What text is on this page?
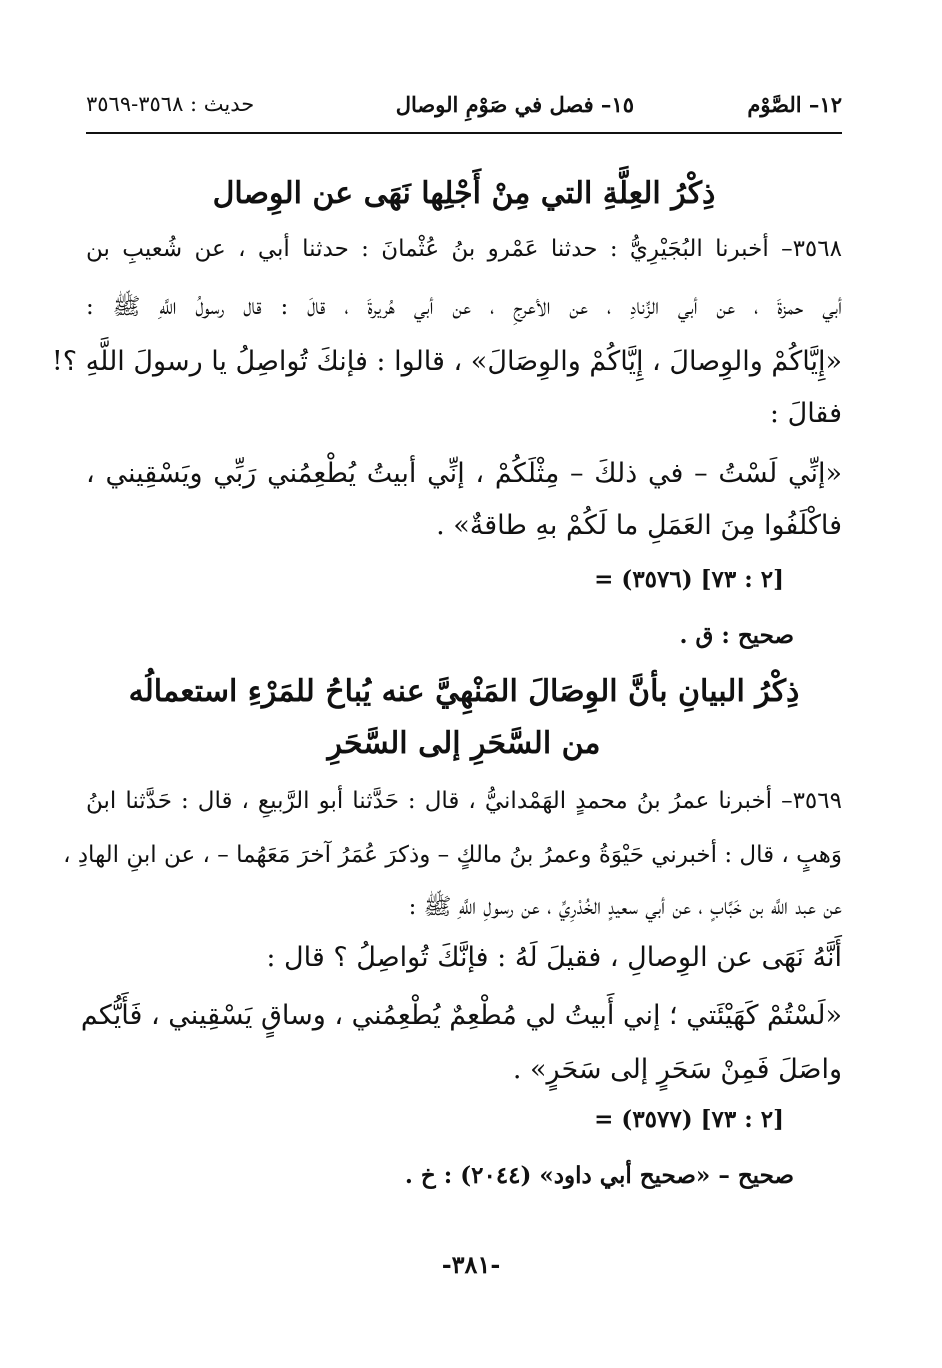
١٢– الصَّوْم
١٥– فصل في صَوْمِ الوصال
حديث : ٣٥٦٨-٣٥٦٩
ذِكْرُ العِلَّةِ التي مِنْ أَجْلِها نَهَى عن الوِصال
٣٥٦٨– أخبرنا البُجَيْرِيُّ : حدثنا عَمْرو بنُ عُثْمانَ : حدثنا أبي ، عن شُعيبِ بن
أبي حمزةَ ، عن أبي الزِّنادِ ، عن الأعرجِ ، عن أبي هُريرةَ ، قالَ : قال رسولُ اللَّهِ ﷺ :
«إِيَّاكُمْ والوِصالَ ، إِيَّاكُمْ والوِصَالَ» ، قالوا : فإنكَ تُواصِلُ يا رسولَ اللَّهِ ؟!
فقالَ :
«إنِّي لَسْتُ – في ذلكَ – مِثْلَكُمْ ، إنِّي أبيتُ يُطْعِمُني رَبِّي ويَسْقِيني ،
فاكْلَفُوا مِنَ العَمَلِ ما لَكُمْ بهِ طاقةٌ» .
= (٣٥٧٦) [٢ : ٧٣]
صحيح : ق .
ذِكْرُ البيانِ بأنَّ الوِصَالَ المَنْهِيَّ عنه يُباحُ للمَرْءِ استعمالُه
من السَّحَرِ إلى السَّحَرِ
٣٥٦٩– أخبرنا عمرُ بنُ محمدٍ الهَمْدانيُّ ، قال : حَدَّثنا أبو الرَّبيعِ ، قال : حَدَّثنا ابنُ
وَهبٍ ، قال : أخبرني حَيْوَةُ وعمرُ بنُ مالكٍ – وذكرَ عُمَرُ آخرَ مَعَهُما – ، عن ابنِ الهادِ ،
عن عبد اللَّه بن خَبَّابٍ ، عن أبي سعيدٍ الخُدْرِيِّ ، عن رسولِ اللَّهِ ﷺ :
أَنَّهُ نَهَى عن الوِصالِ ، فقيلَ لَهُ : فإنَّكَ تُواصِلُ ؟ قال :
«لَسْتُمْ كَهَيْئَتي ؛ إني أَبيتُ لي مُطْعِمٌ يُطْعِمُني ، وساقٍ يَسْقِيني ، فَأَيُّكم
واصَلَ فَمِنْ سَحَرٍ إلى سَحَرٍ» .
= (٣٥٧٧) [٢ : ٧٣]
صحيح – «صحيح أبي داود» (٢٠٤٤) : خ .
-٣٨١-
